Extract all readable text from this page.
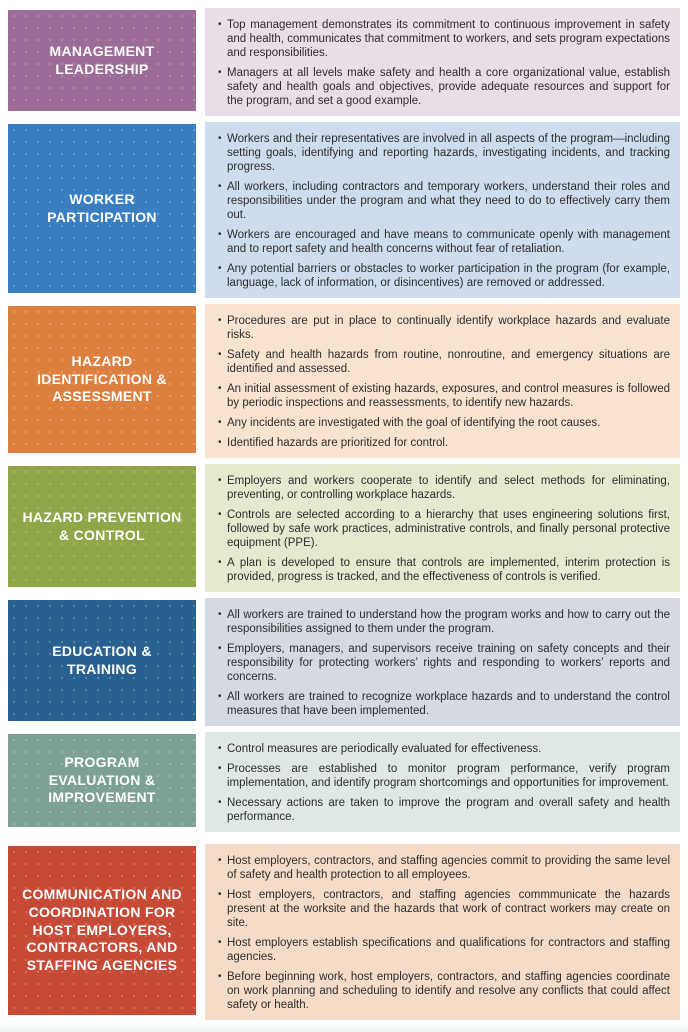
MANAGEMENT LEADERSHIP
• Top management demonstrates its commitment to continuous improvement in safety and health, communicates that commitment to workers, and sets program expectations and responsibilities.
• Managers at all levels make safety and health a core organizational value, establish safety and health goals and objectives, provide adequate resources and support for the program, and set a good example.
WORKER PARTICIPATION
• Workers and their representatives are involved in all aspects of the program—including setting goals, identifying and reporting hazards, investigating incidents, and tracking progress.
• All workers, including contractors and temporary workers, understand their roles and responsibilities under the program and what they need to do to effectively carry them out.
• Workers are encouraged and have means to communicate openly with management and to report safety and health concerns without fear of retaliation.
• Any potential barriers or obstacles to worker participation in the program (for example, language, lack of information, or disincentives) are removed or addressed.
HAZARD IDENTIFICATION & ASSESSMENT
• Procedures are put in place to continually identify workplace hazards and evaluate risks.
• Safety and health hazards from routine, nonroutine, and emergency situations are identified and assessed.
• An initial assessment of existing hazards, exposures, and control measures is followed by periodic inspections and reassessments, to identify new hazards.
• Any incidents are investigated with the goal of identifying the root causes.
• Identified hazards are prioritized for control.
HAZARD PREVENTION & CONTROL
• Employers and workers cooperate to identify and select methods for eliminating, preventing, or controlling workplace hazards.
• Controls are selected according to a hierarchy that uses engineering solutions first, followed by safe work practices, administrative controls, and finally personal protective equipment (PPE).
• A plan is developed to ensure that controls are implemented, interim protection is provided, progress is tracked, and the effectiveness of controls is verified.
EDUCATION & TRAINING
• All workers are trained to understand how the program works and how to carry out the responsibilities assigned to them under the program.
• Employers, managers, and supervisors receive training on safety concepts and their responsibility for protecting workers’ rights and responding to workers’ reports and concerns.
• All workers are trained to recognize workplace hazards and to understand the control measures that have been implemented.
PROGRAM EVALUATION & IMPROVEMENT
• Control measures are periodically evaluated for effectiveness.
• Processes are established to monitor program performance, verify program implementation, and identify program shortcomings and opportunities for improvement.
• Necessary actions are taken to improve the program and overall safety and health performance.
COMMUNICATION AND COORDINATION FOR HOST EMPLOYERS, CONTRACTORS, AND STAFFING AGENCIES
• Host employers, contractors, and staffing agencies commit to providing the same level of safety and health protection to all employees.
• Host employers, contractors, and staffing agencies commmunicate the hazards present at the worksite and the hazards that work of contract workers may create on site.
• Host employers establish specifications and qualifications for contractors and staffing agencies.
• Before beginning work, host employers, contractors, and staffing agencies coordinate on work planning and scheduling to identify and resolve any conflicts that could affect safety or health.
